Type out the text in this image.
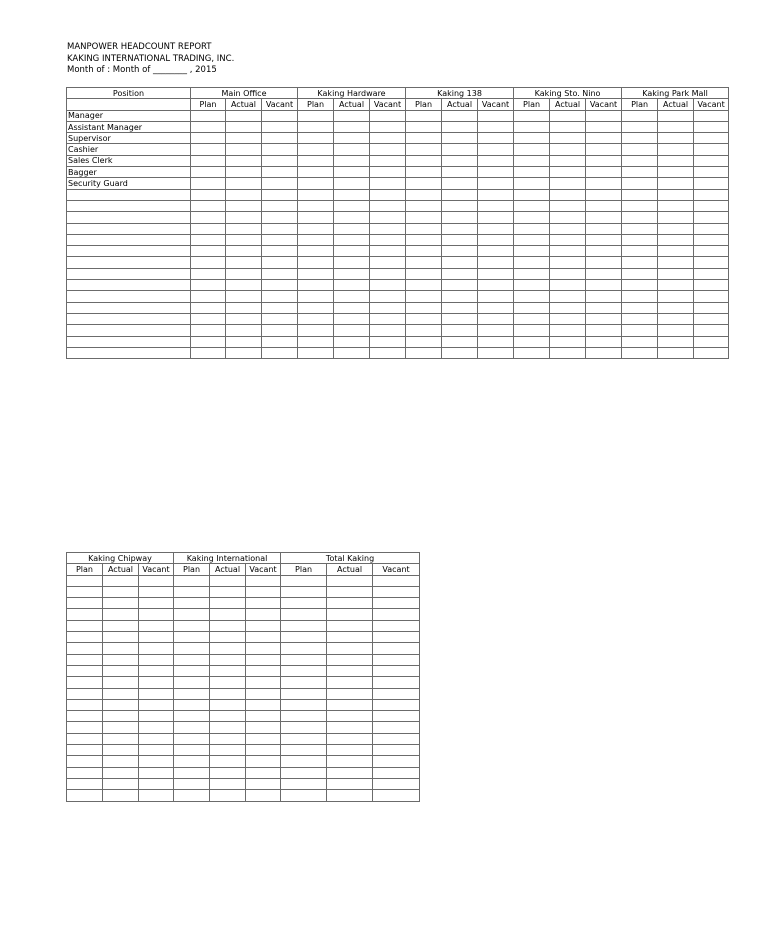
MANPOWER HEADCOUNT REPORT
KAKING INTERNATIONAL TRADING, INC.
Month of : Month of ________ , 2015
Position	Main Office			Kaking Hardware			Kaking 138			Kaking Sto. Nino			Kaking Park Mall		
	Plan	Actual	Vacant	Plan	Actual	Vacant	Plan	Actual	Vacant	Plan	Actual	Vacant	Plan	Actual	Vacant
Manager															
Assistant Manager															
Supervisor															
Cashier															
Sales Clerk															
Bagger															
Security Guard															

Kaking Chipway			Kaking International			Total Kaking		
Plan	Actual	Vacant	Plan	Actual	Vacant	Plan	Actual	Vacant
